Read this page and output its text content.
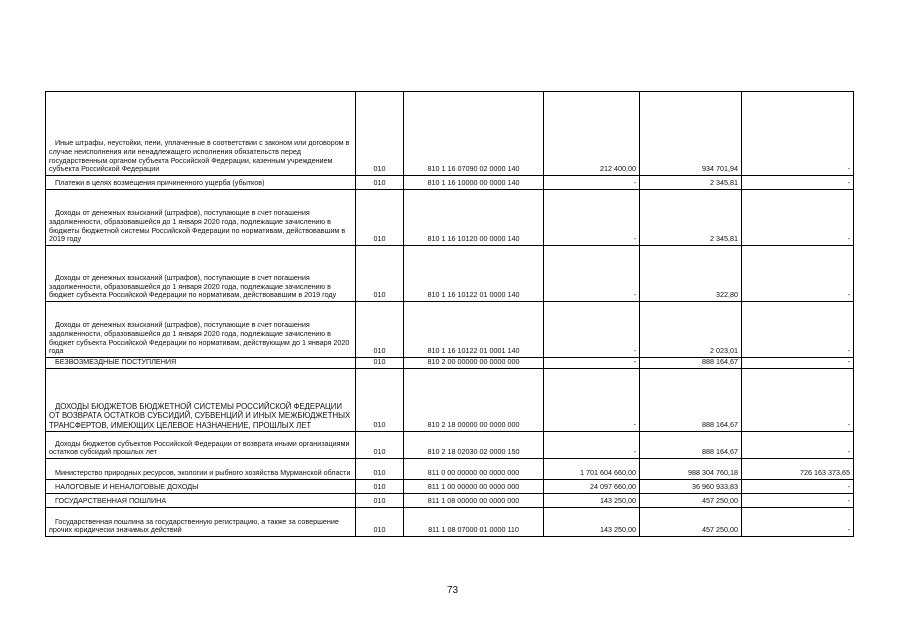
Иные штрафы, неустойки, пени, уплаченные в соответствии с законом или договором в случае неисполнения или ненадлежащего исполнения обязательств перед государственным органом субъекта Российской Федерации, казенным учреждением субъекта Российской Федерации	010	810 1 16 07090 02 0000 140	212 400,00	934 701,94	-

Платежи в целях возмещения причиненного ущерба (убытков)	010	810 1 16 10000 00 0000 140	-	2 345,81	-

Доходы от денежных взысканий (штрафов), поступающие в счет погашения задолженности, образовавшейся до 1 января 2020 года, подлежащие зачислению в бюджеты бюджетной системы Российской Федерации по нормативам, действовавшим в 2019 году	010	810 1 16 10120 00 0000 140	-	2 345,81	-

Доходы от денежных взысканий (штрафов), поступающие в счет погашения задолженности, образовавшейся до 1 января 2020 года, подлежащие зачислению в бюджет субъекта Российской Федерации по нормативам, действовавшим в 2019 году	010	810 1 16 10122 01 0000 140	-	322,80	-

Доходы от денежных взысканий (штрафов), поступающие в счет погашения задолженности, образовавшейся до 1 января 2020 года, подлежащие зачислению в бюджет субъекта Российской Федерации по нормативам, действующим до 1 января 2020 года	010	810 1 16 10122 01 0001 140	-	2 023,01	-

БЕЗВОЗМЕЗДНЫЕ ПОСТУПЛЕНИЯ	010	810 2 00 00000 00 0000 000	-	888 164,67	-

ДОХОДЫ БЮДЖЕТОВ БЮДЖЕТНОЙ СИСТЕМЫ РОССИЙСКОЙ ФЕДЕРАЦИИ ОТ ВОЗВРАТА ОСТАТКОВ СУБСИДИЙ, СУБВЕНЦИЙ И ИНЫХ МЕЖБЮДЖЕТНЫХ ТРАНСФЕРТОВ, ИМЕЮЩИХ ЦЕЛЕВОЕ НАЗНАЧЕНИЕ, ПРОШЛЫХ ЛЕТ	010	810 2 18 00000 00 0000 000	-	888 164,67	-

Доходы бюджетов субъектов Российской Федерации от возврата иными организациями остатков субсидий прошлых лет	010	810 2 18 02030 02 0000 150	-	888 164,67	-

Министерство природных ресурсов, экологии и рыбного хозяйства Мурманской области	010	811 0 00 00000 00 0000 000	1 701 604 660,00	988 304 760,18	726 163 373,65

НАЛОГОВЫЕ И НЕНАЛОГОВЫЕ ДОХОДЫ	010	811 1 00 00000 00 0000 000	24 097 660,00	36 960 933,83	-

ГОСУДАРСТВЕННАЯ ПОШЛИНА	010	811 1 08 00000 00 0000 000	143 250,00	457 250,00	-

Государственная пошлина за государственную регистрацию, а также за совершение прочих юридически значимых действий	010	811 1 08 07000 01 0000 110	143 250,00	457 250,00	-
73
